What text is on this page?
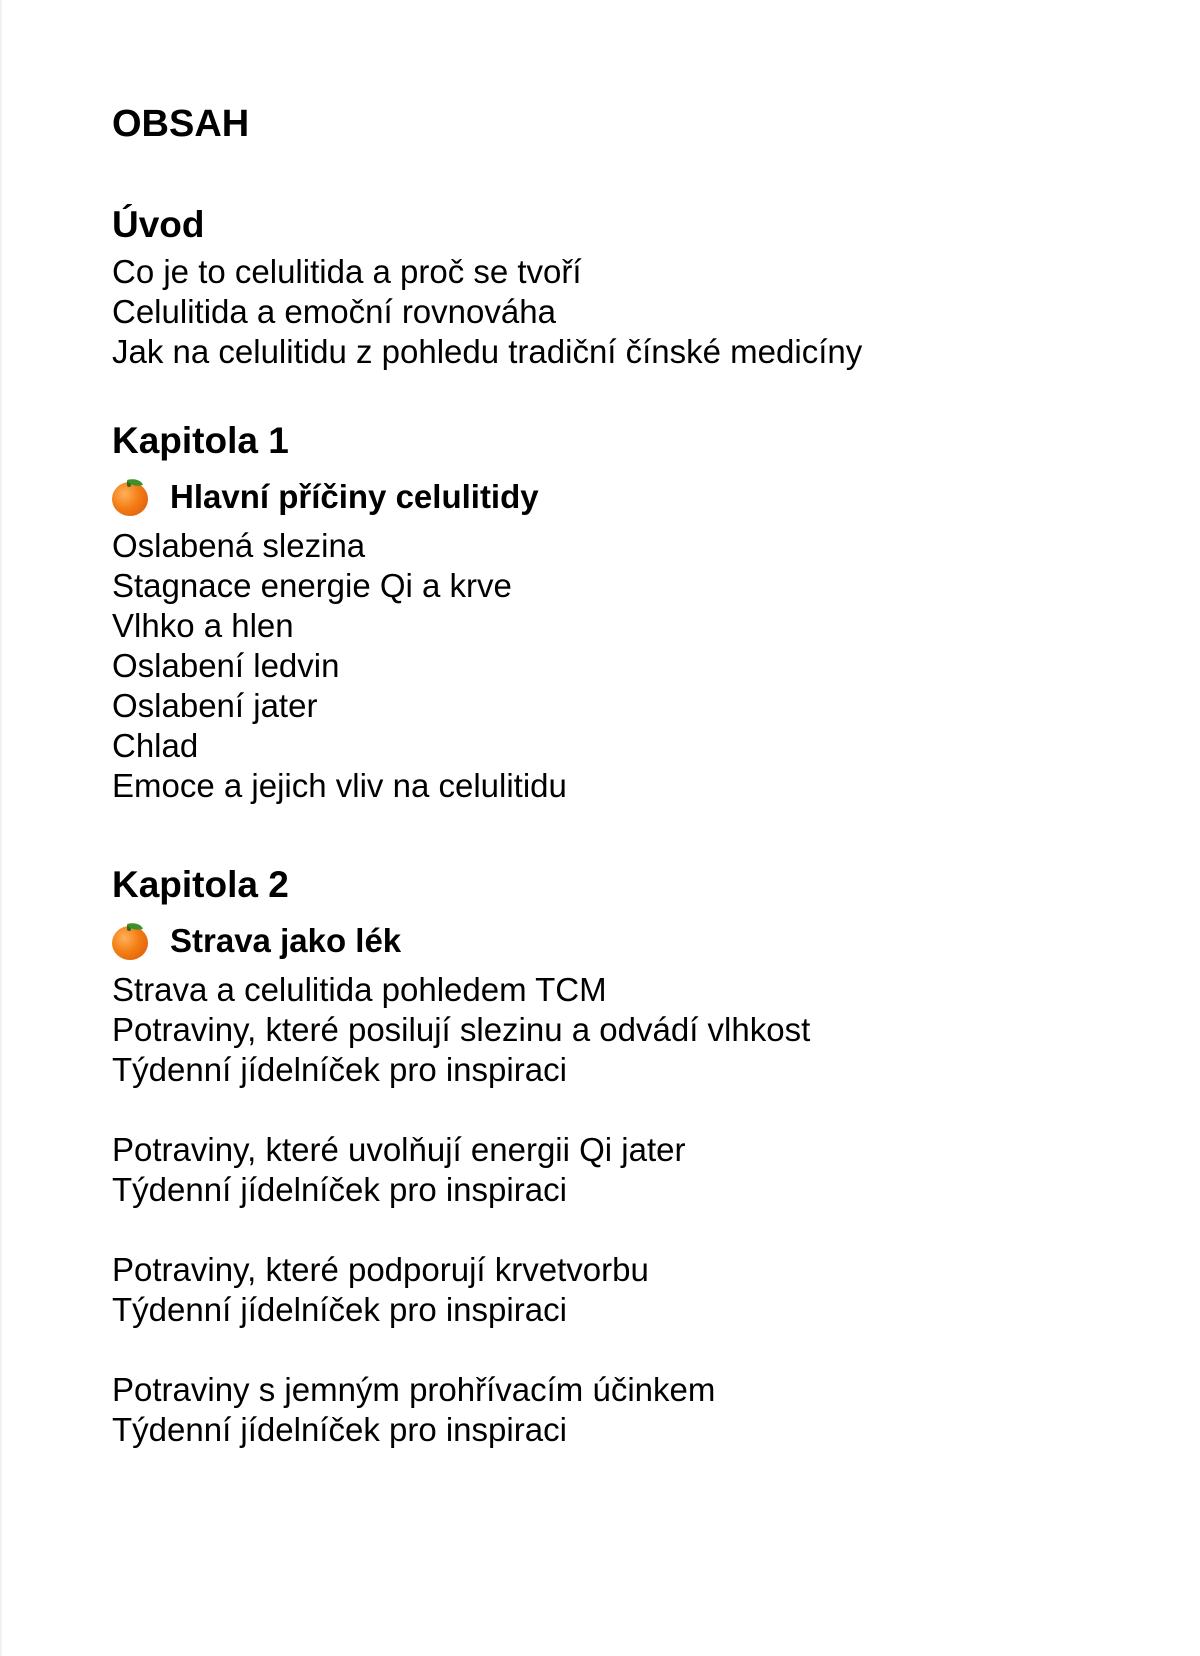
OBSAH
Úvod

Co je to celulitida a proč se tvoří

Celulitida a emoční rovnováha

Jak na celulitidu z pohledu tradiční čínské medicíny

Kapitola 1
Hlavní příčiny celulitidy

Oslabená slezina

Stagnace energie Qi a krve

Vlhko a hlen

Oslabení ledvin

Oslabení jater

Chlad

Emoce a jejich vliv na celulitidu

Kapitola 2
Strava jako lék

Strava a celulitida pohledem TCM

Potraviny, které posilují slezinu a odvádí vlhkost

Týdenní jídelníček pro inspiraci

Potraviny, které uvolňují energii Qi jater

Týdenní jídelníček pro inspiraci

Potraviny, které podporují krvetvorbu

Týdenní jídelníček pro inspiraci

Potraviny s jemným prohřívacím účinkem

Týdenní jídelníček pro inspiraci
